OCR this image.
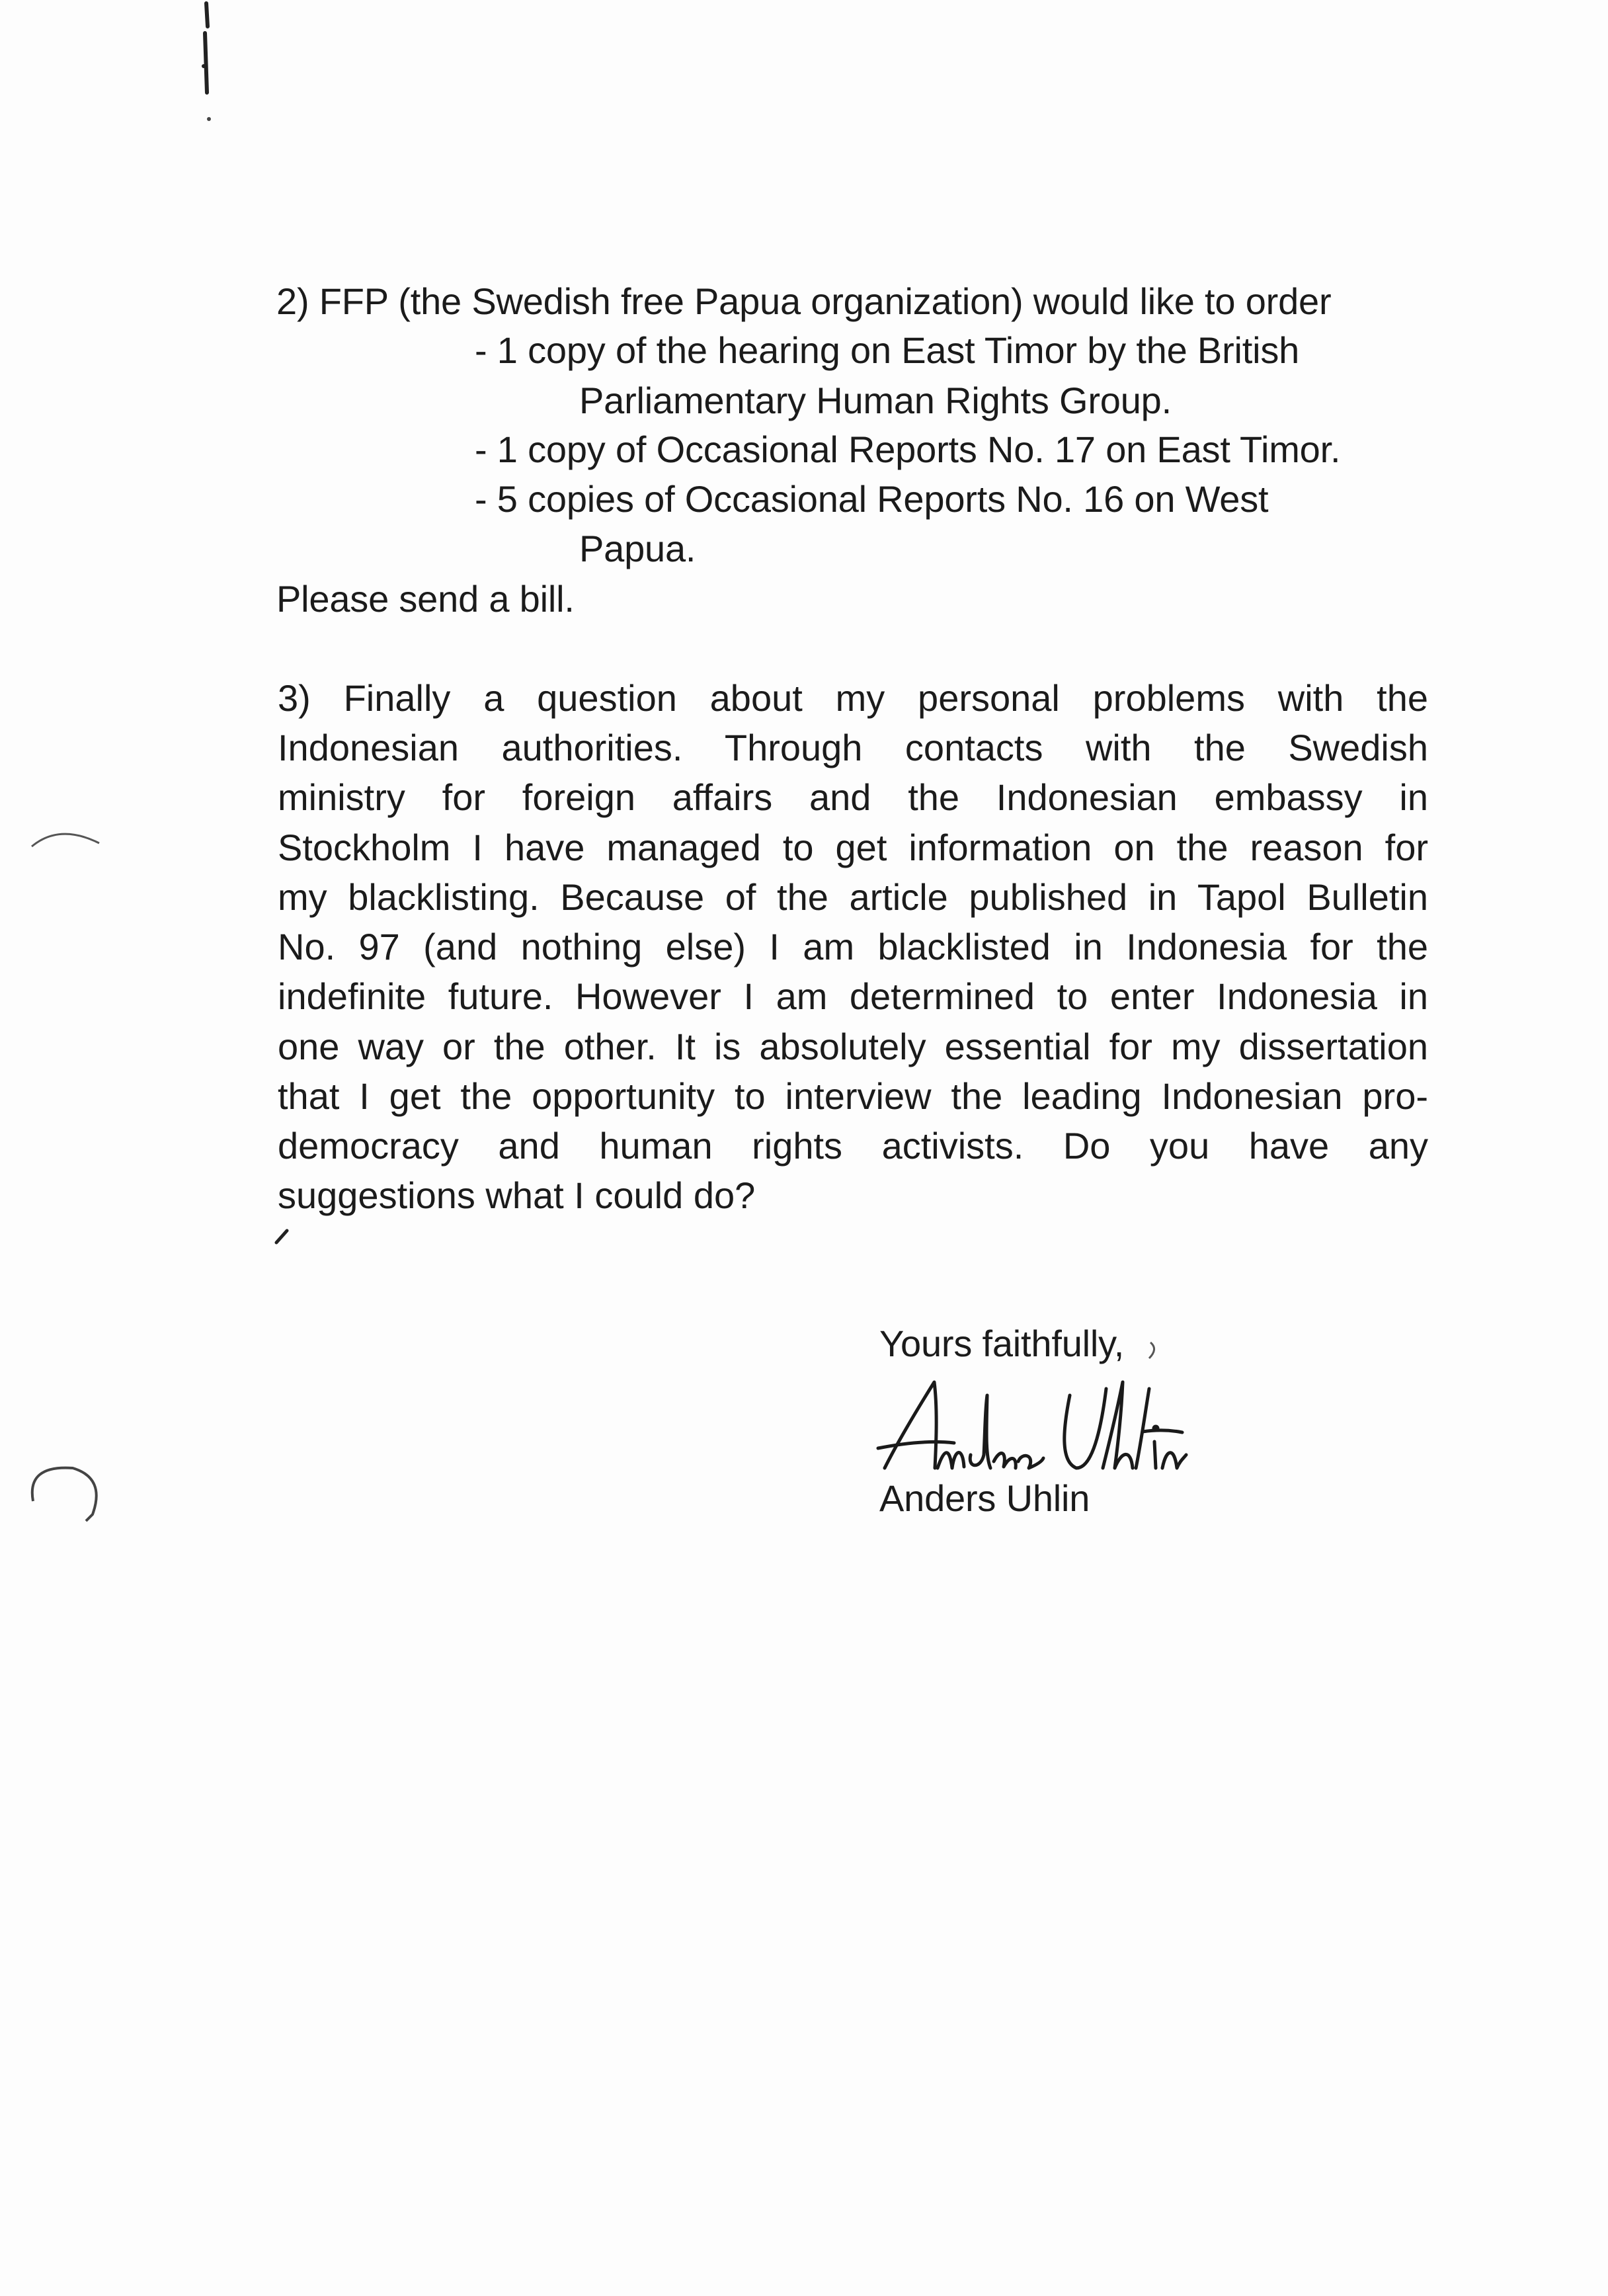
2) FFP (the Swedish free Papua organization) would like to order
- 1 copy of the hearing on East Timor by the British
Parliamentary Human Rights Group.
- 1 copy of Occasional Reports No. 17 on East Timor.
- 5 copies of Occasional Reports No. 16 on West
Papua.
Please send a bill.
3) Finally a question about my personal problems with the
Indonesian authorities. Through contacts with the Swedish
ministry for foreign affairs and the Indonesian embassy in
Stockholm I have managed to get information on the reason for
my blacklisting. Because of the article published in Tapol Bulletin
No. 97 (and nothing else) I am blacklisted in Indonesia for the
indefinite future. However I am determined to enter Indonesia in
one way or the other. It is absolutely essential for my dissertation
that I get the opportunity to interview the leading Indonesian pro-
democracy and human rights activists. Do you have any
suggestions what I could do?
Yours faithfully,
Anders Uhlin
